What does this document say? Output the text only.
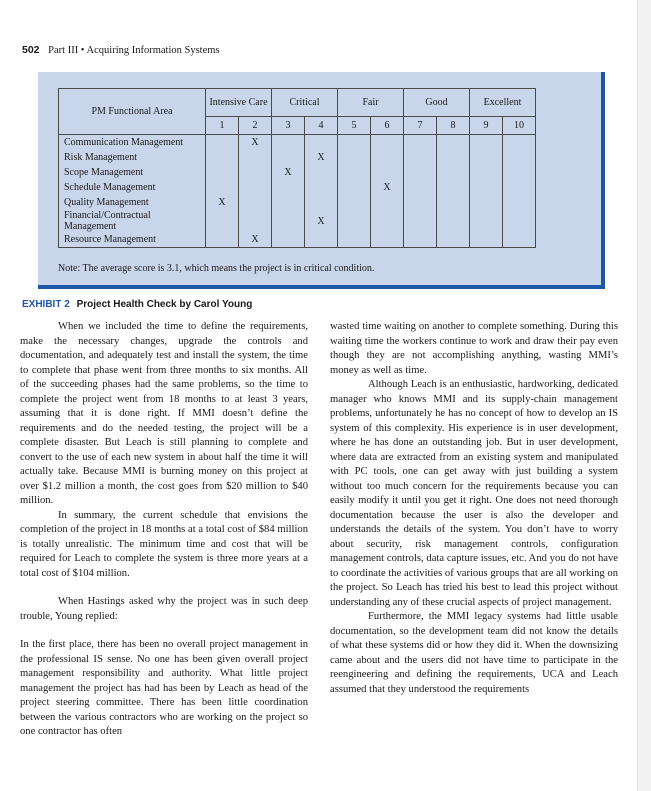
502 Part III • Acquiring Information Systems
PM Functional Area	Intensive Care		Critical		Fair		Good		Excellent	
	1	2	3	4	5	6	7	8	9	10
Communication Management		X								
Risk Management				X						
Scope Management			X							
Schedule Management						X				
Quality Management	X									
Financial/Contractual Management				X						
Resource Management		X								
Note: The average score is 3.1, which means the project is in critical condition.
EXHIBIT 2 Project Health Check by Carol Young

When we included the time to define the requirements, make the necessary changes, upgrade the controls and documentation, and adequately test and install the system, the time to complete that phase went from three months to six months. All of the succeeding phases had the same problems, so the time to complete the project went from 18 months to at least 3 years, assuming that it is done right. If MMI doesn’t define the requirements and do the needed testing, the project will be a complete disaster. But Leach is still planning to complete and convert to the use of each new system in about half the time it will actually take. Because MMI is burning money on this project at over $1.2 million a month, the cost goes from $20 million to $40 million.

In summary, the current schedule that envisions the completion of the project in 18 months at a total cost of $84 million is totally unrealistic. The minimum time and cost that will be required for Leach to complete the system is three more years at a total cost of $104 million.

When Hastings asked why the project was in such deep trouble, Young replied:

In the first place, there has been no overall project management in the professional IS sense. No one has been given overall project management responsibility and authority. What little project management the project has had has been by Leach as head of the project steering committee. There has been little coordination between the various contractors who are working on the project so one contractor has often

wasted time waiting on another to complete something. During this waiting time the workers continue to work and draw their pay even though they are not accomplishing anything, wasting MMI’s money as well as time.

Although Leach is an enthusiastic, hardworking, dedicated manager who knows MMI and its supply-chain management problems, unfortunately he has no concept of how to develop an IS system of this complexity. His experience is in user development, where he has done an outstanding job. But in user development, where data are extracted from an existing system and manipulated with PC tools, one can get away with just building a system without too much concern for the requirements because you can easily modify it until you get it right. One does not need thorough documentation because the user is also the developer and understands the details of the system. You don’t have to worry about security, risk management controls, configuration management controls, data capture issues, etc. And you do not have to coordinate the activities of various groups that are all working on the project. So Leach has tried his best to lead this project without understanding any of these crucial aspects of project management.

Furthermore, the MMI legacy systems had little usable documentation, so the development team did not know the details of what these systems did or how they did it. When the downsizing came about and the users did not have time to participate in the reengineering and defining the requirements, UCA and Leach assumed that they understood the requirements
